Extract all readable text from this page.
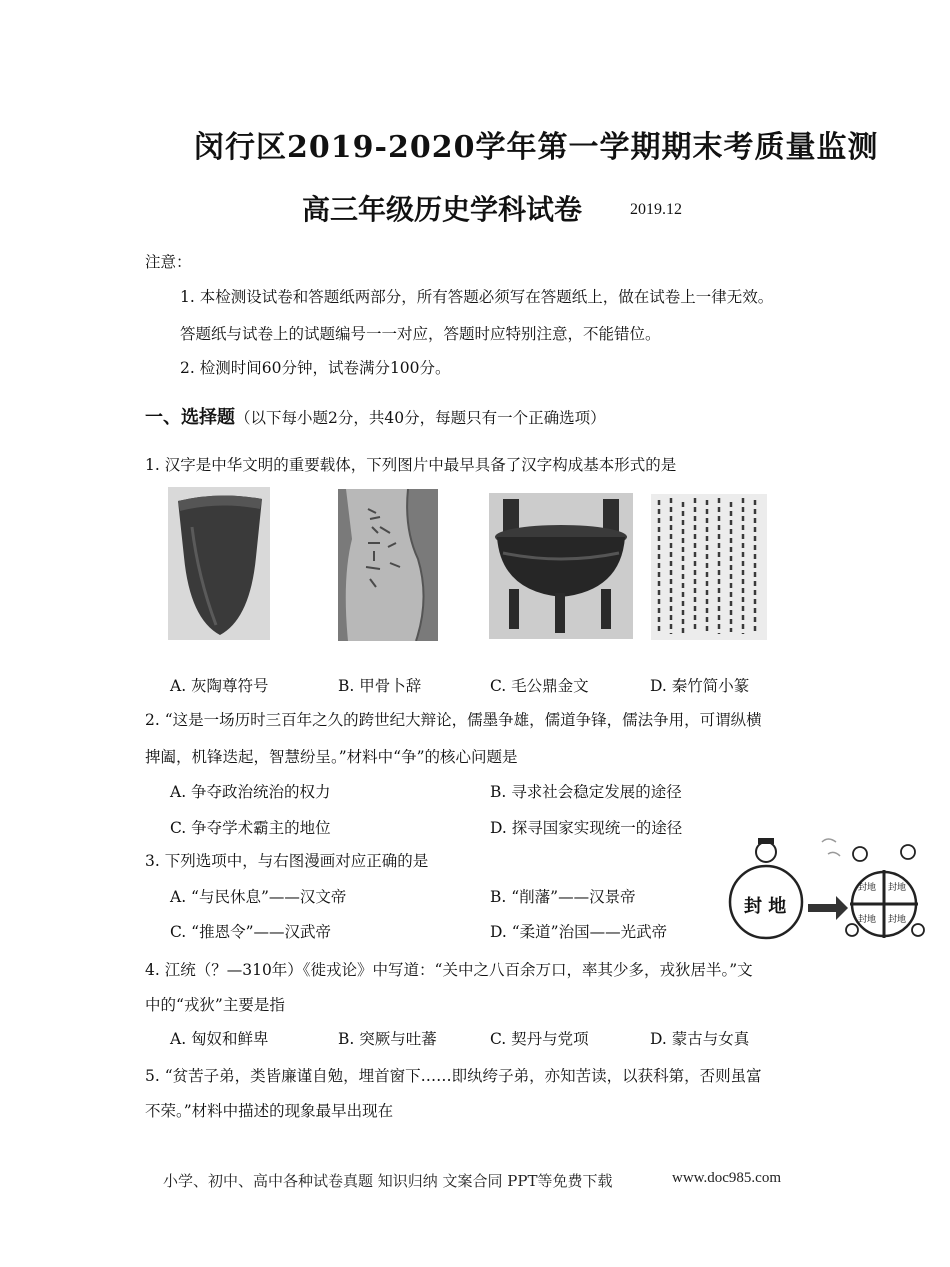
闵行区2019-2020学年第一学期期末考质量监测
高三年级历史学科试卷	2019.12
注意：
1. 本检测设试卷和答题纸两部分，所有答题必须写在答题纸上，做在试卷上一律无效。
答题纸与试卷上的试题编号一一对应，答题时应特别注意，不能错位。
2. 检测时间60分钟，试卷满分100分。
一、选择题（以下每小题2分，共40分，每题只有一个正确选项）
1. 汉字是中华文明的重要载体，下列图片中最早具备了汉字构成基本形式的是
A. 灰陶尊符号	B. 甲骨卜辞	C. 毛公鼎金文	D. 秦竹简小篆
2. “这是一场历时三百年之久的跨世纪大辩论，儒墨争雄，儒道争锋，儒法争用，可谓纵横
捭阖，机锋迭起，智慧纷呈。”材料中“争”的核心问题是
A. 争夺政治统治的权力	B. 寻求社会稳定发展的途径
C. 争夺学术霸主的地位	D. 探寻国家实现统一的途径
3. 下列选项中，与右图漫画对应正确的是
A. “与民休息”——汉文帝	B. “削藩”——汉景帝
C. “推恩令”——汉武帝	D. “柔道”治国——光武帝
封 地
封地 封地
封地 封地
4. 江统（？—310年）《徙戎论》中写道：“关中之八百余万口，率其少多，戎狄居半。”文
中的“戎狄”主要是指
A. 匈奴和鲜卑	B. 突厥与吐蕃	C. 契丹与党项	D. 蒙古与女真
5. “贫苦子弟，类皆廉谨自勉，埋首窗下……即纨绔子弟，亦知苦读，以获科第，否则虽富
不荣。”材料中描述的现象最早出现在
小学、初中、高中各种试卷真题 知识归纳 文案合同 PPT等免费下载	www.doc985.com
